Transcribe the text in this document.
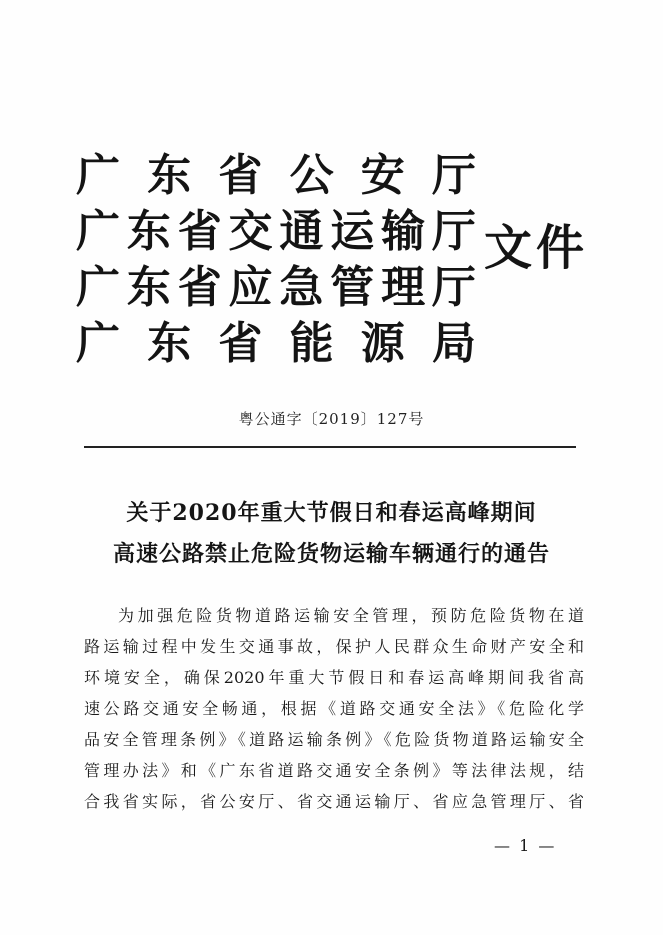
广 东 省 公 安 厅
广 东 省 交 通 运 输 厅
广 东 省 应 急 管 理 厅
广 东 省 能 源 局
文件
粤公通字〔2019〕127号
关于2020年重大节假日和春运高峰期间
高速公路禁止危险货物运输车辆通行的通告
为加强危险货物道路运输安全管理，预防危险货物在道
路运输过程中发生交通事故，保护人民群众生命财产安全和
环境安全，确保2020年重大节假日和春运高峰期间我省高
速公路交通安全畅通，根据《道路交通安全法》《危险化学
品安全管理条例》《道路运输条例》《危险货物道路运输安全
管理办法》和《广东省道路交通安全条例》等法律法规，结
合我省实际，省公安厅、省交通运输厅、省应急管理厅、省
— 1 —
